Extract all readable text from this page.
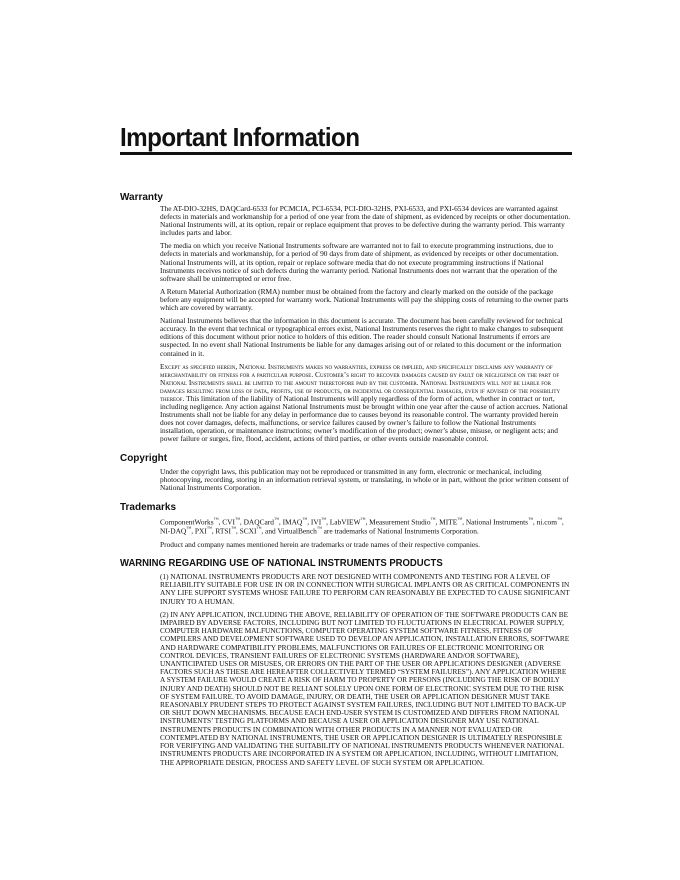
Important Information
Warranty

The AT-DIO-32HS, DAQCard-6533 for PCMCIA, PCI-6534, PCI-DIO-32HS, PXI-6533, and PXI-6534 devices are warranted against defects in materials and workmanship for a period of one year from the date of shipment, as evidenced by receipts or other documentation. National Instruments will, at its option, repair or replace equipment that proves to be defective during the warranty period. This warranty includes parts and labor.

The media on which you receive National Instruments software are warranted not to fail to execute programming instructions, due to defects in materials and workmanship, for a period of 90 days from date of shipment, as evidenced by receipts or other documentation. National Instruments will, at its option, repair or replace software media that do not execute programming instructions if National Instruments receives notice of such defects during the warranty period. National Instruments does not warrant that the operation of the software shall be uninterrupted or error free.

A Return Material Authorization (RMA) number must be obtained from the factory and clearly marked on the outside of the package before any equipment will be accepted for warranty work. National Instruments will pay the shipping costs of returning to the owner parts which are covered by warranty.

National Instruments believes that the information in this document is accurate. The document has been carefully reviewed for technical accuracy. In the event that technical or typographical errors exist, National Instruments reserves the right to make changes to subsequent editions of this document without prior notice to holders of this edition. The reader should consult National Instruments if errors are suspected. In no event shall National Instruments be liable for any damages arising out of or related to this document or the information contained in it.

Except as specified herein, National Instruments makes no warranties, express or implied, and specifically disclaims any warranty of merchantability or fitness for a particular purpose. Customer’s right to recover damages caused by fault or negligence on the part of National Instruments shall be limited to the amount theretofore paid by the customer. National Instruments will not be liable for damages resulting from loss of data, profits, use of products, or incidental or consequential damages, even if advised of the possibility thereof. This limitation of the liability of National Instruments will apply regardless of the form of action, whether in contract or tort, including negligence. Any action against National Instruments must be brought within one year after the cause of action accrues. National Instruments shall not be liable for any delay in performance due to causes beyond its reasonable control. The warranty provided herein does not cover damages, defects, malfunctions, or service failures caused by owner’s failure to follow the National Instruments installation, operation, or maintenance instructions; owner’s modification of the product; owner’s abuse, misuse, or negligent acts; and power failure or surges, fire, flood, accident, actions of third parties, or other events outside reasonable control.

Copyright

Under the copyright laws, this publication may not be reproduced or transmitted in any form, electronic or mechanical, including photocopying, recording, storing in an information retrieval system, or translating, in whole or in part, without the prior written consent of National Instruments Corporation.

Trademarks

ComponentWorks™, CVI™, DAQCard™, IMAQ™, IVI™, LabVIEW™, Measurement Studio™, MITE™, National Instruments™, ni.com™, NI-DAQ™, PXI™, RTSI™, SCXI™, and VirtualBench™ are trademarks of National Instruments Corporation.

Product and company names mentioned herein are trademarks or trade names of their respective companies.

WARNING REGARDING USE OF NATIONAL INSTRUMENTS PRODUCTS

(1) NATIONAL INSTRUMENTS PRODUCTS ARE NOT DESIGNED WITH COMPONENTS AND TESTING FOR A LEVEL OF RELIABILITY SUITABLE FOR USE IN OR IN CONNECTION WITH SURGICAL IMPLANTS OR AS CRITICAL COMPONENTS IN ANY LIFE SUPPORT SYSTEMS WHOSE FAILURE TO PERFORM CAN REASONABLY BE EXPECTED TO CAUSE SIGNIFICANT INJURY TO A HUMAN.

(2) IN ANY APPLICATION, INCLUDING THE ABOVE, RELIABILITY OF OPERATION OF THE SOFTWARE PRODUCTS CAN BE IMPAIRED BY ADVERSE FACTORS, INCLUDING BUT NOT LIMITED TO FLUCTUATIONS IN ELECTRICAL POWER SUPPLY, COMPUTER HARDWARE MALFUNCTIONS, COMPUTER OPERATING SYSTEM SOFTWARE FITNESS, FITNESS OF COMPILERS AND DEVELOPMENT SOFTWARE USED TO DEVELOP AN APPLICATION, INSTALLATION ERRORS, SOFTWARE AND HARDWARE COMPATIBILITY PROBLEMS, MALFUNCTIONS OR FAILURES OF ELECTRONIC MONITORING OR CONTROL DEVICES, TRANSIENT FAILURES OF ELECTRONIC SYSTEMS (HARDWARE AND/OR SOFTWARE), UNANTICIPATED USES OR MISUSES, OR ERRORS ON THE PART OF THE USER OR APPLICATIONS DESIGNER (ADVERSE FACTORS SUCH AS THESE ARE HEREAFTER COLLECTIVELY TERMED “SYSTEM FAILURES”). ANY APPLICATION WHERE A SYSTEM FAILURE WOULD CREATE A RISK OF HARM TO PROPERTY OR PERSONS (INCLUDING THE RISK OF BODILY INJURY AND DEATH) SHOULD NOT BE RELIANT SOLELY UPON ONE FORM OF ELECTRONIC SYSTEM DUE TO THE RISK OF SYSTEM FAILURE. TO AVOID DAMAGE, INJURY, OR DEATH, THE USER OR APPLICATION DESIGNER MUST TAKE REASONABLY PRUDENT STEPS TO PROTECT AGAINST SYSTEM FAILURES, INCLUDING BUT NOT LIMITED TO BACK-UP OR SHUT DOWN MECHANISMS. BECAUSE EACH END-USER SYSTEM IS CUSTOMIZED AND DIFFERS FROM NATIONAL INSTRUMENTS’ TESTING PLATFORMS AND BECAUSE A USER OR APPLICATION DESIGNER MAY USE NATIONAL INSTRUMENTS PRODUCTS IN COMBINATION WITH OTHER PRODUCTS IN A MANNER NOT EVALUATED OR CONTEMPLATED BY NATIONAL INSTRUMENTS, THE USER OR APPLICATION DESIGNER IS ULTIMATELY RESPONSIBLE FOR VERIFYING AND VALIDATING THE SUITABILITY OF NATIONAL INSTRUMENTS PRODUCTS WHENEVER NATIONAL INSTRUMENTS PRODUCTS ARE INCORPORATED IN A SYSTEM OR APPLICATION, INCLUDING, WITHOUT LIMITATION, THE APPROPRIATE DESIGN, PROCESS AND SAFETY LEVEL OF SUCH SYSTEM OR APPLICATION.
